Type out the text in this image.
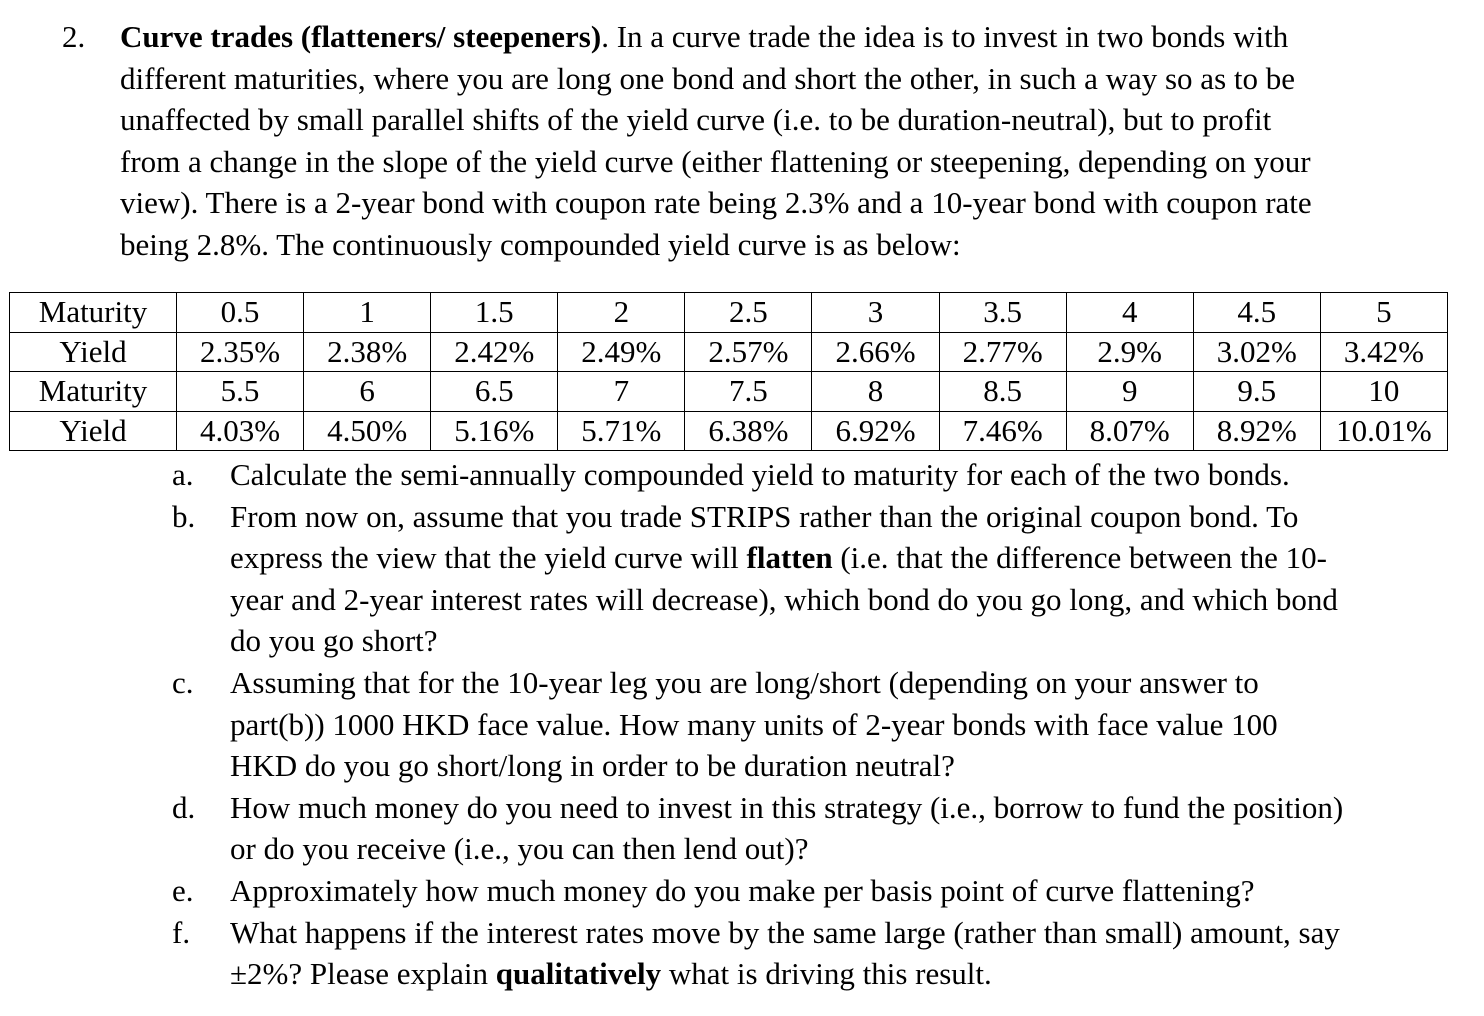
2. Curve trades (flatteners/ steepeners). In a curve trade the idea is to invest in two bonds with
different maturities, where you are long one bond and short the other, in such a way so as to be
unaffected by small parallel shifts of the yield curve (i.e. to be duration-neutral), but to profit
from a change in the slope of the yield curve (either flattening or steepening, depending on your
view). There is a 2-year bond with coupon rate being 2.3% and a 10-year bond with coupon rate
being 2.8%. The continuously compounded yield curve is as below:
Maturity	0.5	1	1.5	2	2.5	3	3.5	4	4.5	5
Yield	2.35%	2.38%	2.42%	2.49%	2.57%	2.66%	2.77%	2.9%	3.02%	3.42%
Maturity	5.5	6	6.5	7	7.5	8	8.5	9	9.5	10
Yield	4.03%	4.50%	5.16%	5.71%	6.38%	6.92%	7.46%	8.07%	8.92%	10.01%
a. Calculate the semi-annually compounded yield to maturity for each of the two bonds.
b. From now on, assume that you trade STRIPS rather than the original coupon bond. To
express the view that the yield curve will flatten (i.e. that the difference between the 10-
year and 2-year interest rates will decrease), which bond do you go long, and which bond
do you go short?
c. Assuming that for the 10-year leg you are long/short (depending on your answer to
part(b)) 1000 HKD face value. How many units of 2-year bonds with face value 100
HKD do you go short/long in order to be duration neutral?
d. How much money do you need to invest in this strategy (i.e., borrow to fund the position)
or do you receive (i.e., you can then lend out)?
e. Approximately how much money do you make per basis point of curve flattening?
f. What happens if the interest rates move by the same large (rather than small) amount, say
±2%? Please explain qualitatively what is driving this result.
